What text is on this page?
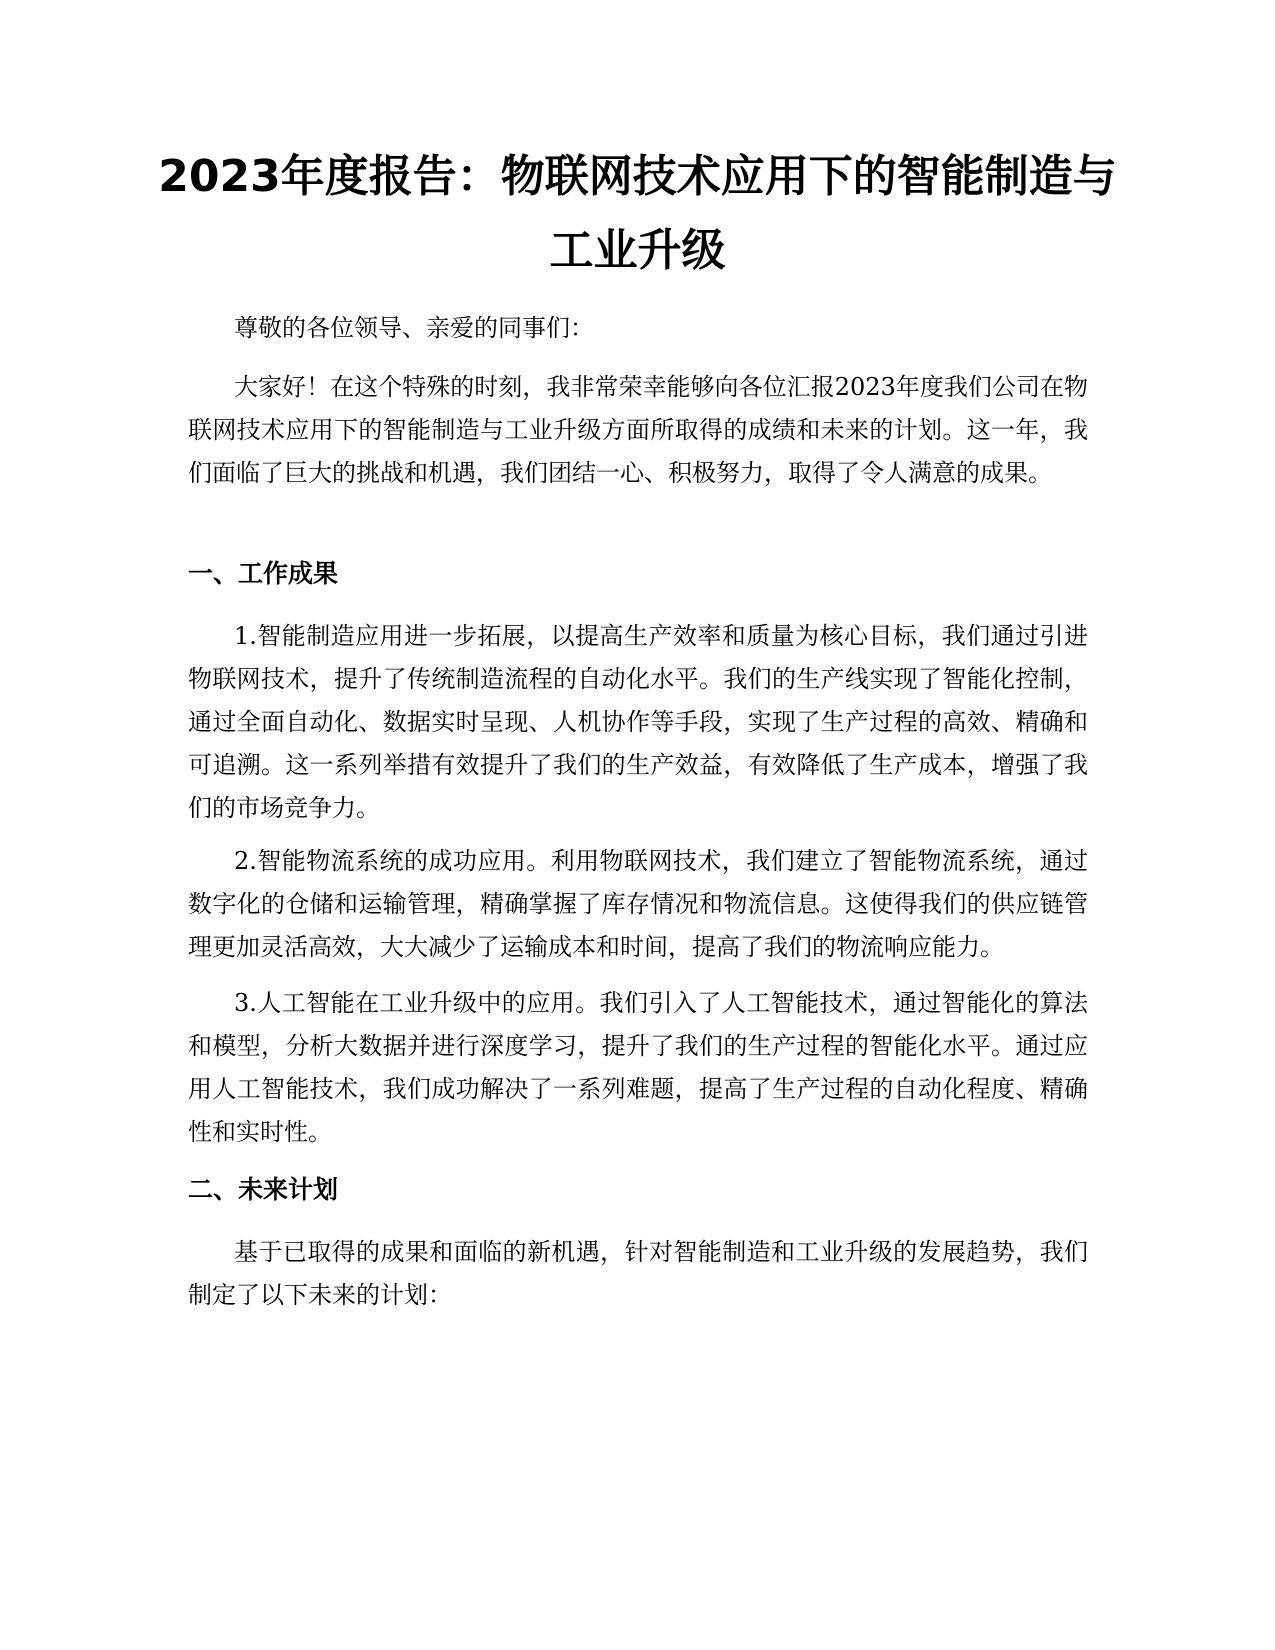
2023年度报告：物联网技术应用下的智能制造与工业升级

尊敬的各位领导、亲爱的同事们：

大家好！在这个特殊的时刻，我非常荣幸能够向各位汇报2023年度我们公司在物联网技术应用下的智能制造与工业升级方面所取得的成绩和未来的计划。这一年，我们面临了巨大的挑战和机遇，我们团结一心、积极努力，取得了令人满意的成果。

一、工作成果

1.智能制造应用进一步拓展，以提高生产效率和质量为核心目标，我们通过引进物联网技术，提升了传统制造流程的自动化水平。我们的生产线实现了智能化控制，通过全面自动化、数据实时呈现、人机协作等手段，实现了生产过程的高效、精确和可追溯。这一系列举措有效提升了我们的生产效益，有效降低了生产成本，增强了我们的市场竞争力。

2.智能物流系统的成功应用。利用物联网技术，我们建立了智能物流系统，通过数字化的仓储和运输管理，精确掌握了库存情况和物流信息。这使得我们的供应链管理更加灵活高效，大大减少了运输成本和时间，提高了我们的物流响应能力。

3.人工智能在工业升级中的应用。我们引入了人工智能技术，通过智能化的算法和模型，分析大数据并进行深度学习，提升了我们的生产过程的智能化水平。通过应用人工智能技术，我们成功解决了一系列难题，提高了生产过程的自动化程度、精确性和实时性。

二、未来计划

基于已取得的成果和面临的新机遇，针对智能制造和工业升级的发展趋势，我们制定了以下未来的计划：
